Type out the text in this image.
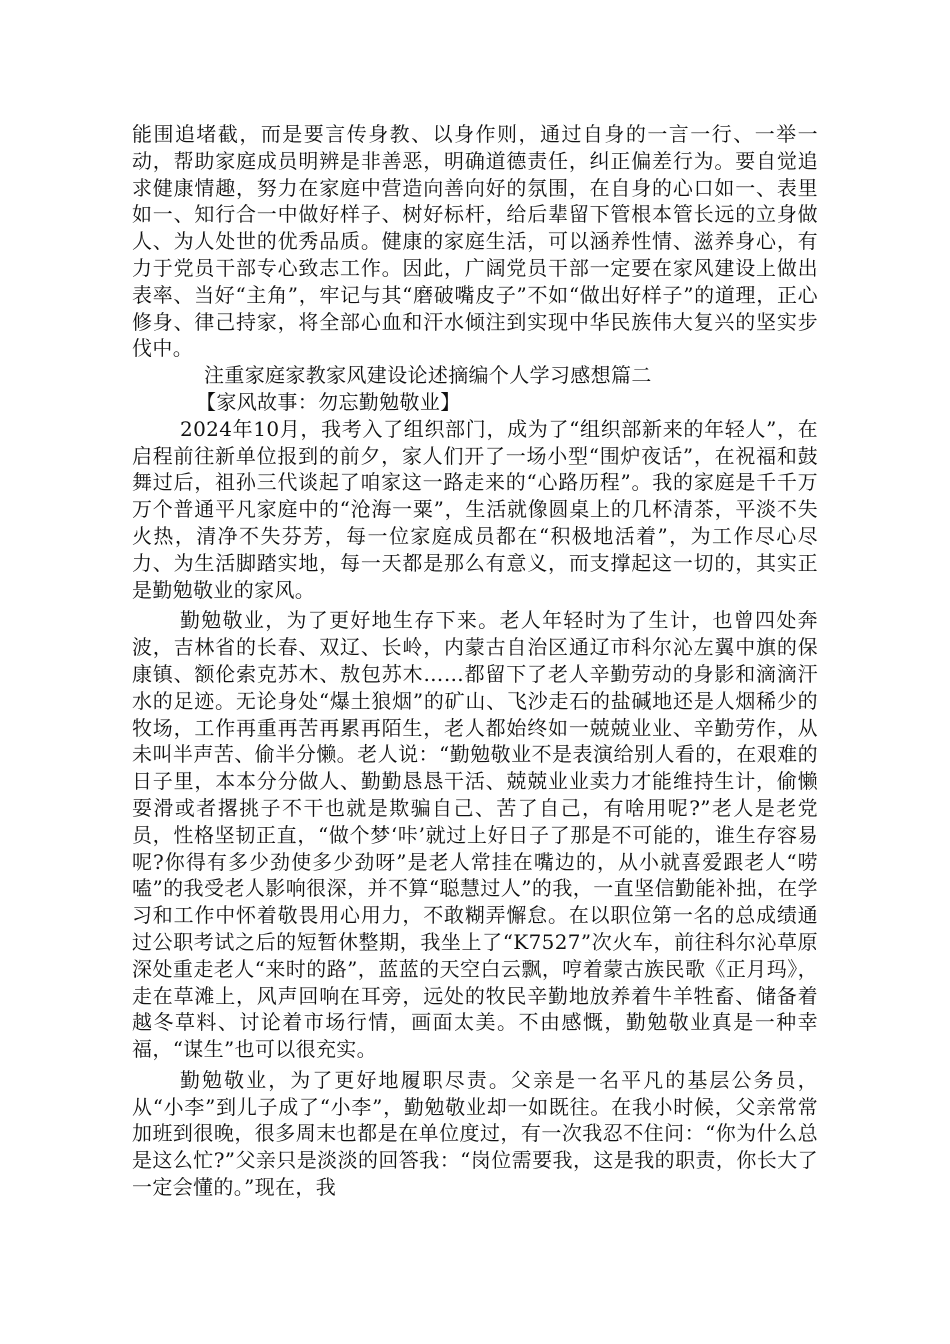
能围追堵截，而是要言传身教、以身作则，通过自身的一言一行、一举一动，帮助家庭成员明辨是非善恶，明确道德责任，纠正偏差行为。要自觉追求健康情趣，努力在家庭中营造向善向好的氛围，在自身的心口如一、表里如一、知行合一中做好样子、树好标杆，给后辈留下管根本管长远的立身做人、为人处世的优秀品质。健康的家庭生活，可以涵养性情、滋养身心，有力于党员干部专心致志工作。因此，广阔党员干部一定要在家风建设上做出表率、当好“主角”，牢记与其“磨破嘴皮子”不如“做出好样子”的道理，正心修身、律己持家，将全部心血和汗水倾注到实现中华民族伟大复兴的坚实步伐中。

注重家庭家教家风建设论述摘编个人学习感想篇二

【家风故事：勿忘勤勉敬业】

2024年10月，我考入了组织部门，成为了“组织部新来的年轻人”，在启程前往新单位报到的前夕，家人们开了一场小型“围炉夜话”，在祝福和鼓舞过后，祖孙三代谈起了咱家这一路走来的“心路历程”。我的家庭是千千万万个普通平凡家庭中的“沧海一粟”，生活就像圆桌上的几杯清茶，平淡不失火热，清净不失芬芳，每一位家庭成员都在“积极地活着”，为工作尽心尽力、为生活脚踏实地，每一天都是那么有意义，而支撑起这一切的，其实正是勤勉敬业的家风。

勤勉敬业，为了更好地生存下来。老人年轻时为了生计，也曾四处奔波，吉林省的长春、双辽、长岭，内蒙古自治区通辽市科尔沁左翼中旗的保康镇、额伦索克苏木、敖包苏木……都留下了老人辛勤劳动的身影和滴滴汗水的足迹。无论身处“爆土狼烟”的矿山、飞沙走石的盐碱地还是人烟稀少的牧场，工作再重再苦再累再陌生，老人都始终如一兢兢业业、辛勤劳作，从未叫半声苦、偷半分懒。老人说：“勤勉敬业不是表演给别人看的，在艰难的日子里，本本分分做人、勤勤恳恳干活、兢兢业业卖力才能维持生计，偷懒耍滑或者撂挑子不干也就是欺骗自己、苦了自己，有啥用呢?”老人是老党员，性格坚韧正直，“做个梦‘咔’就过上好日子了那是不可能的，谁生存容易呢?你得有多少劲使多少劲呀”是老人常挂在嘴边的，从小就喜爱跟老人“唠嗑”的我受老人影响很深，并不算“聪慧过人”的我，一直坚信勤能补拙，在学习和工作中怀着敬畏用心用力，不敢糊弄懈怠。在以职位第一名的总成绩通过公职考试之后的短暂休整期，我坐上了“K7527”次火车，前往科尔沁草原深处重走老人“来时的路”，蓝蓝的天空白云飘，哼着蒙古族民歌《正月玛》，走在草滩上，风声回响在耳旁，远处的牧民辛勤地放养着牛羊牲畜、储备着越冬草料、讨论着市场行情，画面太美。不由感慨，勤勉敬业真是一种幸福，“谋生”也可以很充实。

勤勉敬业，为了更好地履职尽责。父亲是一名平凡的基层公务员，从“小李”到儿子成了“小李”，勤勉敬业却一如既往。在我小时候，父亲常常加班到很晚，很多周末也都是在单位度过，有一次我忍不住问：“你为什么总是这么忙?”父亲只是淡淡的回答我：“岗位需要我，这是我的职责，你长大了一定会懂的。”现在，我
